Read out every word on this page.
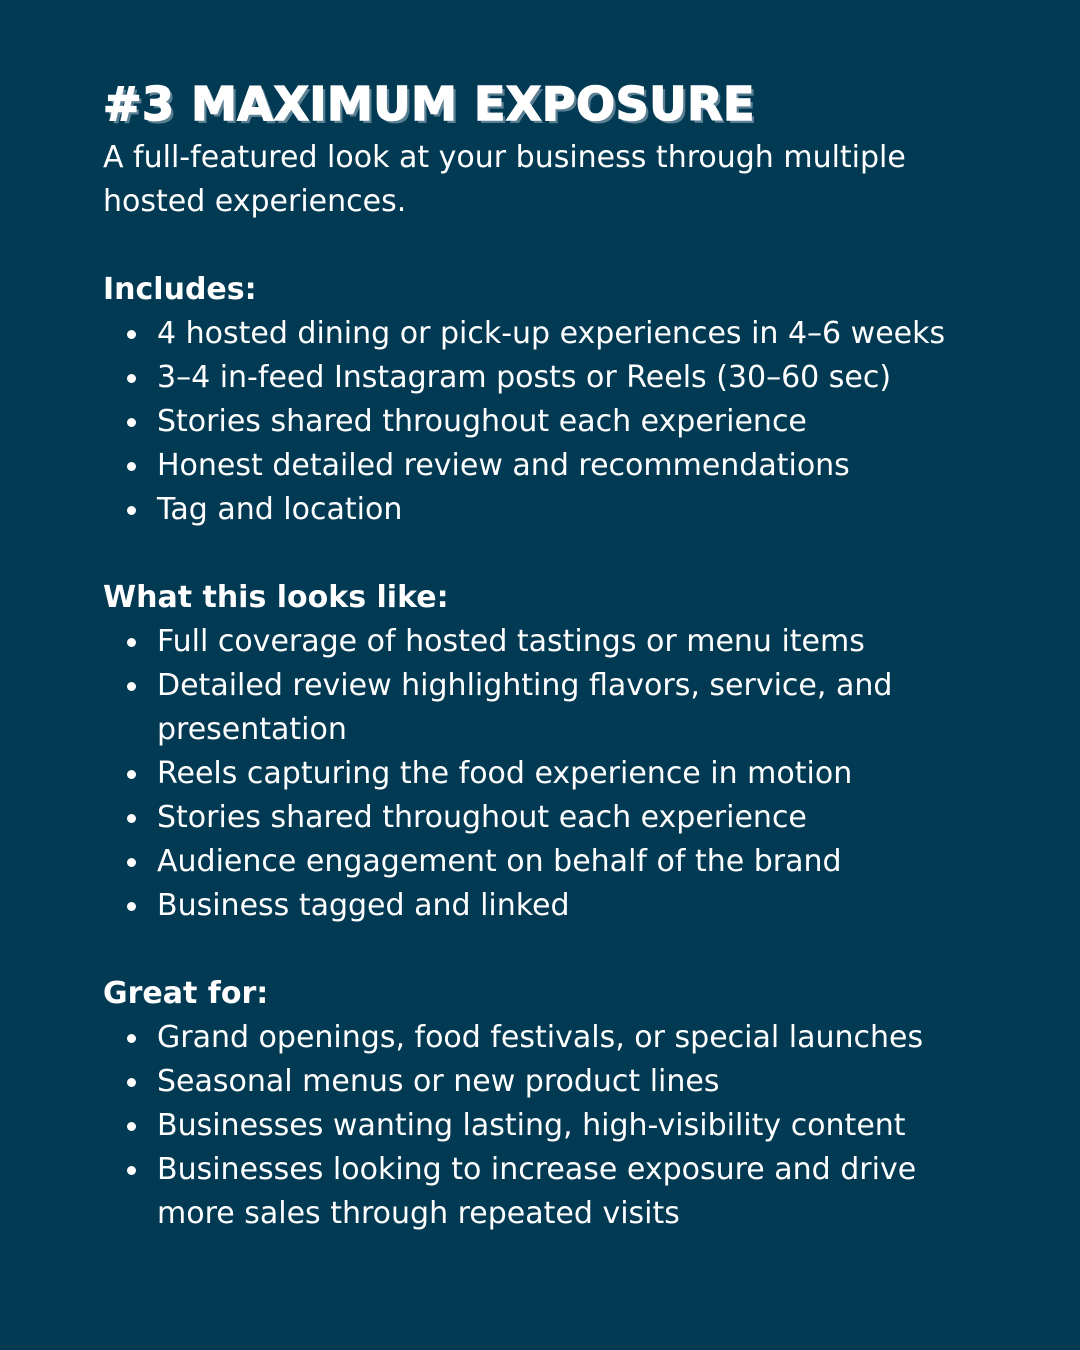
#3 MAXIMUM EXPOSURE

A full-featured look at your business through multiple hosted experiences.

Includes:
4 hosted dining or pick-up experiences in 4–6 weeks
3–4 in-feed Instagram posts or Reels (30–60 sec)
Stories shared throughout each experience
Honest detailed review and recommendations
Tag and location
What this looks like:
Full coverage of hosted tastings or menu items
Detailed review highlighting flavors, service, and presentation
Reels capturing the food experience in motion
Stories shared throughout each experience
Audience engagement on behalf of the brand
Business tagged and linked
Great for:
Grand openings, food festivals, or special launches
Seasonal menus or new product lines
Businesses wanting lasting, high-visibility content
Businesses looking to increase exposure and drive more sales through repeated visits
